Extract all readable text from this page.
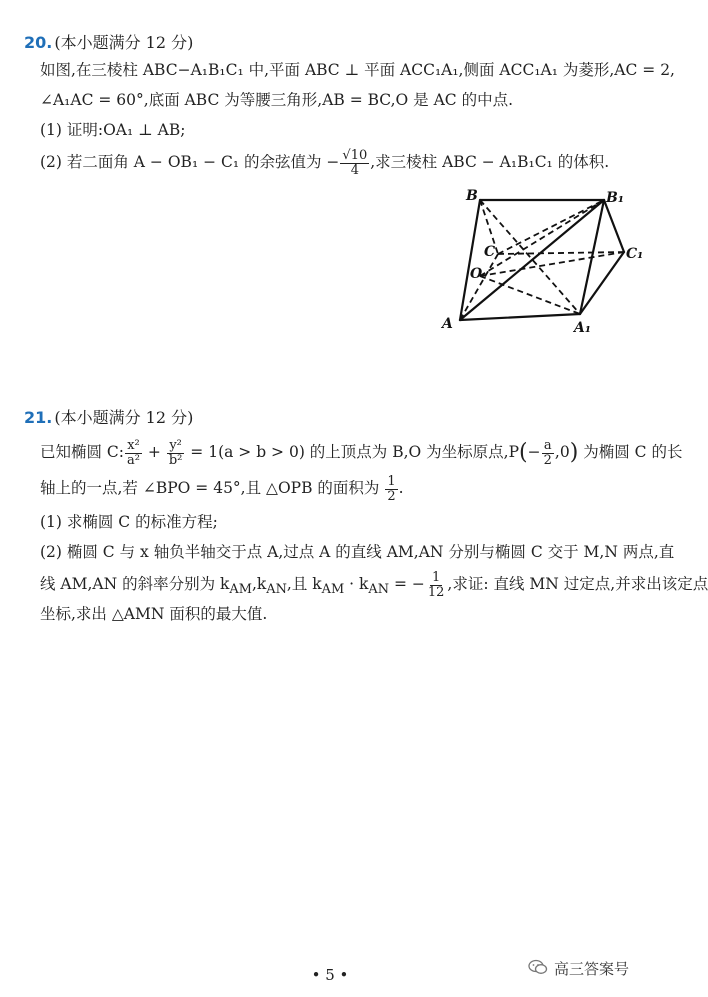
20. (本小题满分 12 分)
如图,在三棱柱 ABC−A₁B₁C₁ 中,平面 ABC ⊥ 平面 ACC₁A₁,侧面 ACC₁A₁ 为菱形,AC = 2,
∠A₁AC = 60°,底面 ABC 为等腰三角形,AB = BC,O 是 AC 的中点.
(1) 证明:OA₁ ⊥ AB;
(2) 若二面角 A − OB₁ − C₁ 的余弦值为 − $\frac{√10}{4}$ ,求三棱柱 ABC − A₁B₁C₁ 的体积.
B	B₁
C
O
C₁
A	A₁
21. (本小题满分 12 分)
已知椭圆 C: $\frac{\text{x²}}{\text{a²}} + \frac{\text{y²}}{\text{b²}} = 1(a > b > 0)$ 的上顶点为 B,O 为坐标原点$,P(- \frac{a}{2} ,0)$ 为椭圆 C 的长
轴上的一点,若 ∠BPO = 45°,且 △OPB 的面积为 $\frac{1}{2}$ .
(1) 求椭圆 C 的标准方程;
(2) 椭圆 C 与 x 轴负半轴交于点 A,过点 A 的直线 AM,AN 分别与椭圆 C 交于 M,N 两点,直
线 AM,AN 的斜率分别为 $k_{AM},k_{AN}$,且 $k_{AM} \cdot k_{AN}$ = − $\frac{1}{12}$ ,求证: 直线 MN 过定点,并求出该定点
坐标,求出 △AMN 面积的最大值.
• 5 •	高三答案号
